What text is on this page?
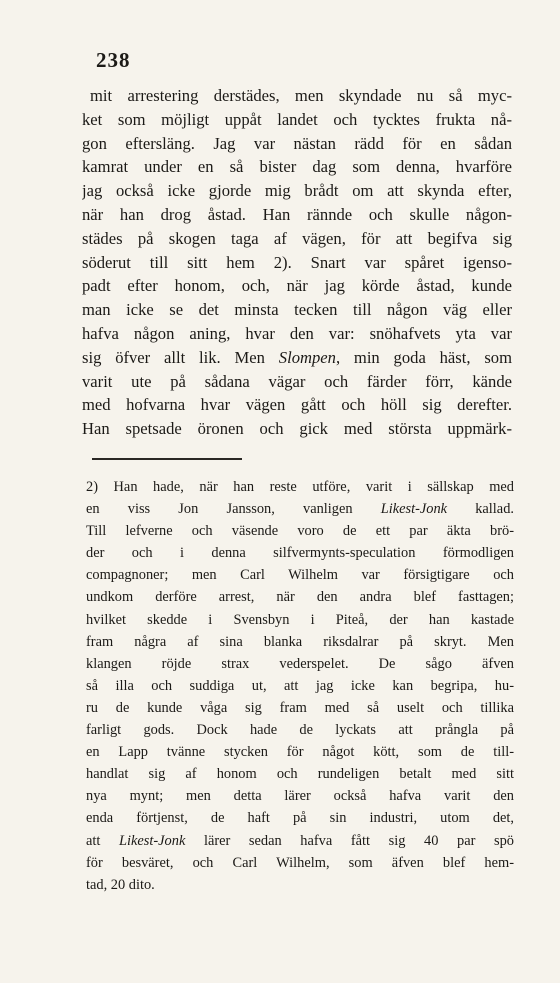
238
mit arrestering derstädes, men skyndade nu så myc-
ket som möjligt uppåt landet och tycktes frukta nå-
gon eftersläng. Jag var nästan rädd för en sådan
kamrat under en så bister dag som denna, hvarföre
jag också icke gjorde mig brådt om att skynda efter,
när han drog åstad. Han rännde och skulle någon-
städes på skogen taga af vägen, för att begifva sig
söderut till sitt hem 2). Snart var spåret igenso-
padt efter honom, och, när jag körde åstad, kunde
man icke se det minsta tecken till någon väg eller
hafva någon aning, hvar den var: snöhafvets yta var
sig öfver allt lik. Men Slompen, min goda häst, som
varit ute på sådana vägar och färder förr, kände
med hofvarna hvar vägen gått och höll sig derefter.
Han spetsade öronen och gick med största uppmärk-
2) Han hade, när han reste utföre, varit i sällskap med
en viss Jon Jansson, vanligen Likest-Jonk kallad.
Till lefverne och väsende voro de ett par äkta brö-
der och i denna silfvermynts-speculation förmodligen
compagnoner; men Carl Wilhelm var försigtigare och
undkom derföre arrest, när den andra blef fasttagen;
hvilket skedde i Svensbyn i Piteå, der han kastade
fram några af sina blanka riksdalrar på skryt. Men
klangen röjde strax vederspelet. De sågo äfven
så illa och suddiga ut, att jag icke kan begripa, hu-
ru de kunde våga sig fram med så uselt och tillika
farligt gods. Dock hade de lyckats att prångla på
en Lapp tvänne stycken för något kött, som de till-
handlat sig af honom och rundeligen betalt med sitt
nya mynt; men detta lärer också hafva varit den
enda förtjenst, de haft på sin industri, utom det,
att Likest-Jonk lärer sedan hafva fått sig 40 par spö
för besväret, och Carl Wilhelm, som äfven blef hem-
tad, 20 dito.
